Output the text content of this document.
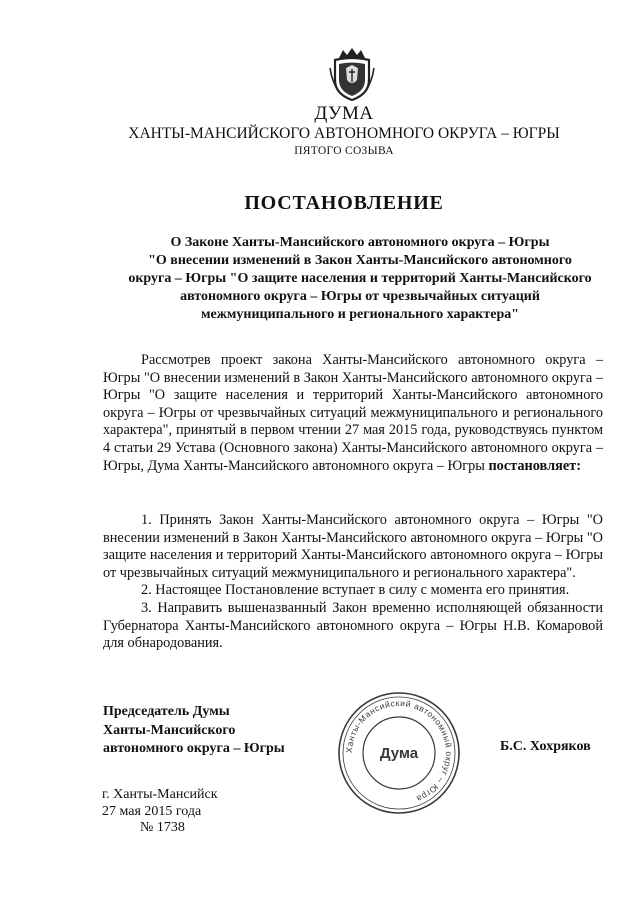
ДУМА
ХАНТЫ-МАНСИЙСКОГО АВТОНОМНОГО ОКРУГА – ЮГРЫ
ПЯТОГО СОЗЫВА
ПОСТАНОВЛЕНИЕ
О Законе Ханты-Мансийского автономного округа – Югры
"О внесении изменений в Закон Ханты-Мансийского автономного
округа – Югры "О защите населения и территорий Ханты-Мансийского
автономного округа – Югры от чрезвычайных ситуаций
межмуниципального и регионального характера"

Рассмотрев проект закона Ханты-Мансийского автономного округа – Югры "О внесении изменений в Закон Ханты-Мансийского автономного округа – Югры "О защите населения и территорий Ханты-Мансийского автономного округа – Югры от чрезвычайных ситуаций межмуниципального и регионального характера", принятый в первом чтении 27 мая 2015 года, руководствуясь пунктом 4 статьи 29 Устава (Основного закона) Ханты-Мансийского автономного округа – Югры, Дума Ханты-Мансийского автономного округа – Югры постановляет:

1. Принять Закон Ханты-Мансийского автономного округа – Югры "О внесении изменений в Закон Ханты-Мансийского автономного округа – Югры "О защите населения и территорий Ханты-Мансийского автономного округа – Югры от чрезвычайных ситуаций межмуниципального и регионального характера".

2. Настоящее Постановление вступает в силу с момента его принятия.

3. Направить вышеназванный Закон временно исполняющей обязанности Губернатора Ханты-Мансийского автономного округа – Югры Н.В. Комаровой для обнародования.

Председатель Думы
Ханты-Мансийского
автономного округа – Югры	Ханты-Мансийский автономный округ – Югра
Дума	Б.С. Хохряков
г. Ханты-Мансийск
27 мая 2015 года
№ 1738
